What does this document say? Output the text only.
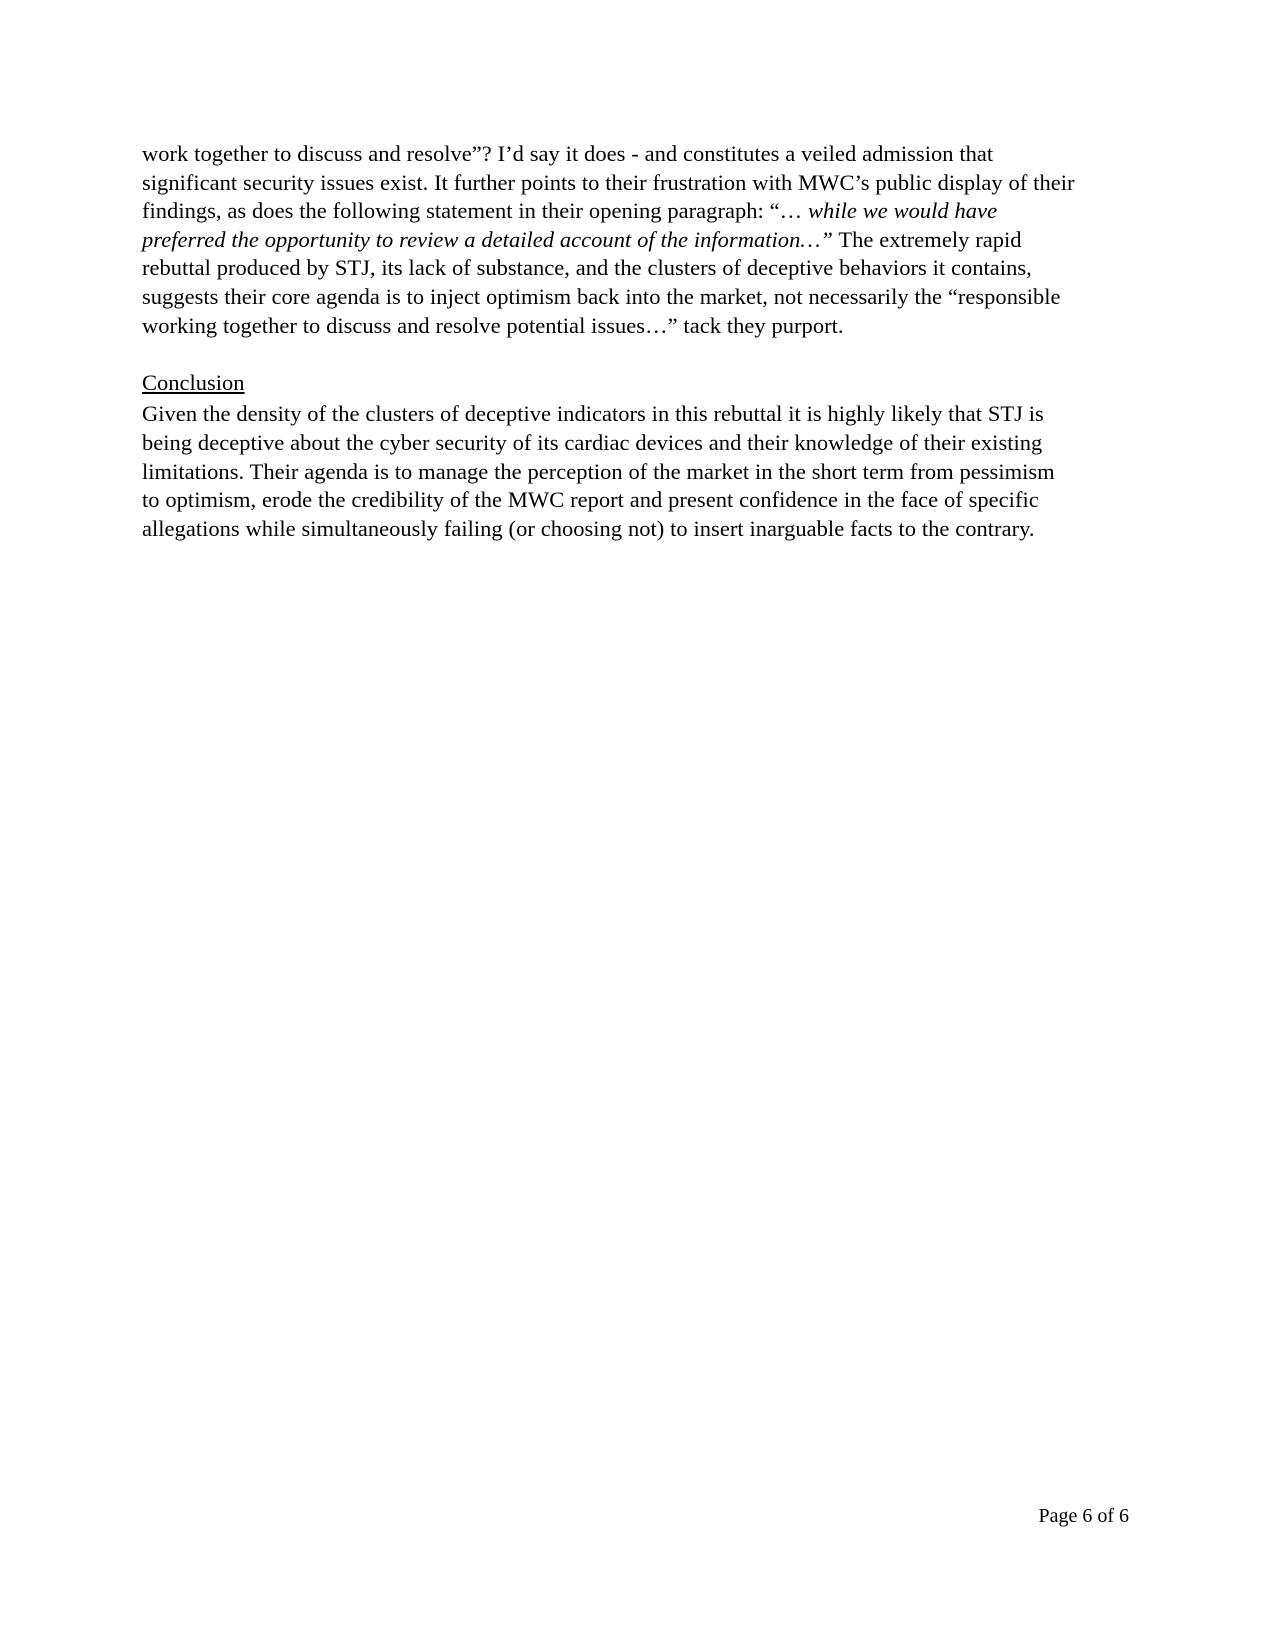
work together to discuss and resolve”? I’d say it does - and constitutes a veiled admission that significant security issues exist. It further points to their frustration with MWC’s public display of their findings, as does the following statement in their opening paragraph: “… while we would have preferred the opportunity to review a detailed account of the information…” The extremely rapid rebuttal produced by STJ, its lack of substance, and the clusters of deceptive behaviors it contains, suggests their core agenda is to inject optimism back into the market, not necessarily the “responsible working together to discuss and resolve potential issues…” tack they purport.

Conclusion

Given the density of the clusters of deceptive indicators in this rebuttal it is highly likely that STJ is being deceptive about the cyber security of its cardiac devices and their knowledge of their existing limitations. Their agenda is to manage the perception of the market in the short term from pessimism to optimism, erode the credibility of the MWC report and present confidence in the face of specific allegations while simultaneously failing (or choosing not) to insert inarguable facts to the contrary.

Page 6 of 6
